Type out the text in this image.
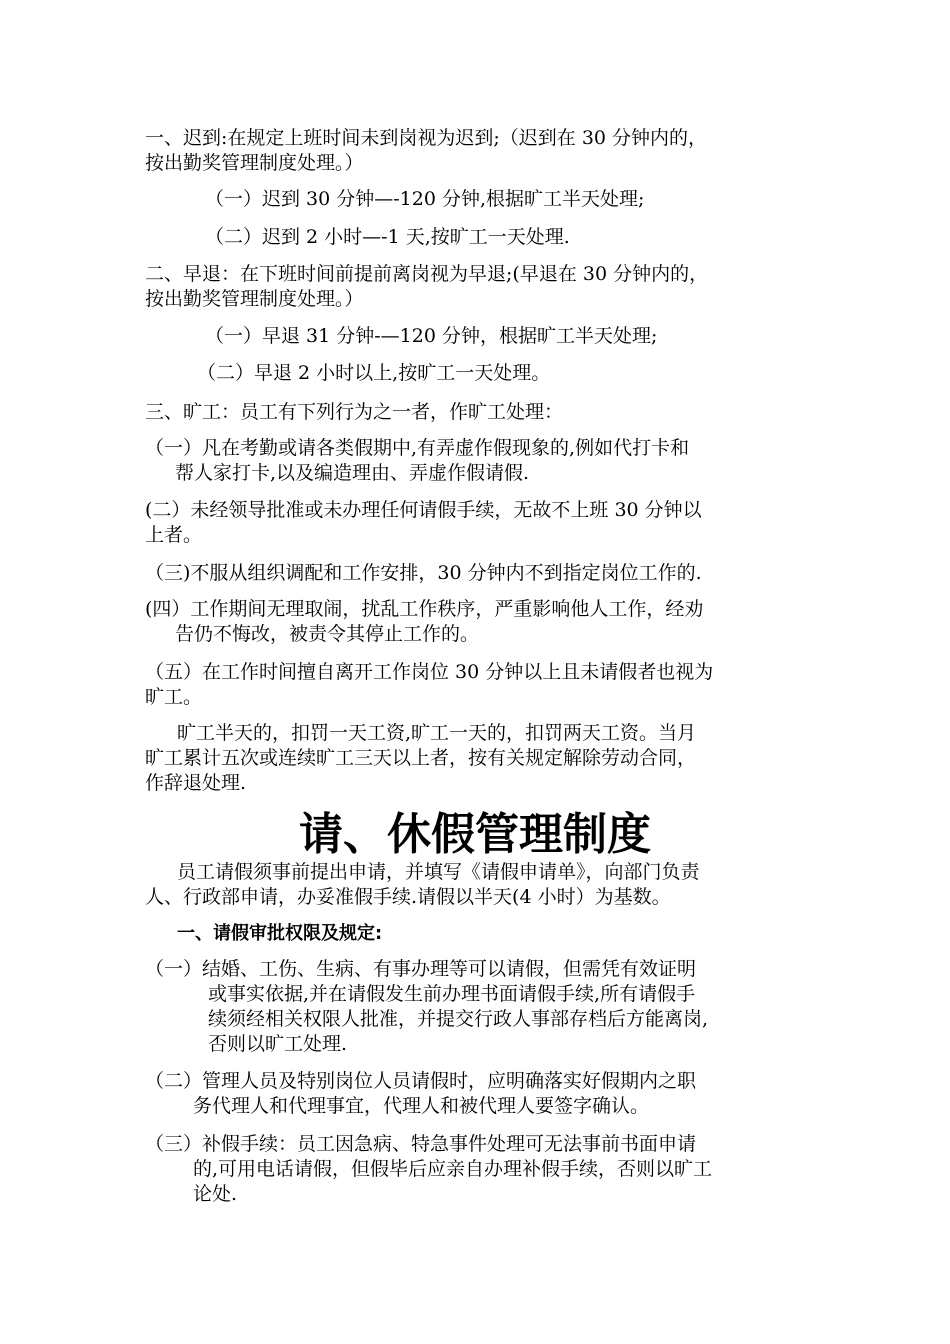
一、迟到:在规定上班时间未到岗视为迟到;（迟到在 30 分钟内的，
按出勤奖管理制度处理。）
（一）迟到 30 分钟—-120 分钟,根据旷工半天处理;
（二）迟到 2 小时—-1 天,按旷工一天处理.
二、早退：在下班时间前提前离岗视为早退;(早退在 30 分钟内的，
按出勤奖管理制度处理。）
（一）早退 31 分钟-—120 分钟，根据旷工半天处理;
（二）早退 2 小时以上,按旷工一天处理。
三、旷工：员工有下列行为之一者，作旷工处理：
（一）凡在考勤或请各类假期中,有弄虚作假现象的,例如代打卡和
帮人家打卡,以及编造理由、弄虚作假请假.
(二）未经领导批准或未办理任何请假手续，无故不上班 30 分钟以
上者。
（三)不服从组织调配和工作安排，30 分钟内不到指定岗位工作的.
(四）工作期间无理取闹，扰乱工作秩序，严重影响他人工作，经劝
告仍不悔改，被责令其停止工作的。
（五）在工作时间擅自离开工作岗位 30 分钟以上且未请假者也视为
旷工。
旷工半天的，扣罚一天工资,旷工一天的，扣罚两天工资。当月
旷工累计五次或连续旷工三天以上者，按有关规定解除劳动合同，
作辞退处理.
请、休假管理制度
员工请假须事前提出申请，并填写《请假申请单》，向部门负责
人、行政部申请，办妥准假手续.请假以半天(4 小时）为基数。
一、请假审批权限及规定:
（一）结婚、工伤、生病、有事办理等可以请假，但需凭有效证明
或事实依据,并在请假发生前办理书面请假手续,所有请假手
续须经相关权限人批准，并提交行政人事部存档后方能离岗,
否则以旷工处理.
（二）管理人员及特别岗位人员请假时，应明确落实好假期内之职
务代理人和代理事宜，代理人和被代理人要签字确认。
（三）补假手续：员工因急病、特急事件处理可无法事前书面申请
的,可用电话请假，但假毕后应亲自办理补假手续，否则以旷工
论处.
